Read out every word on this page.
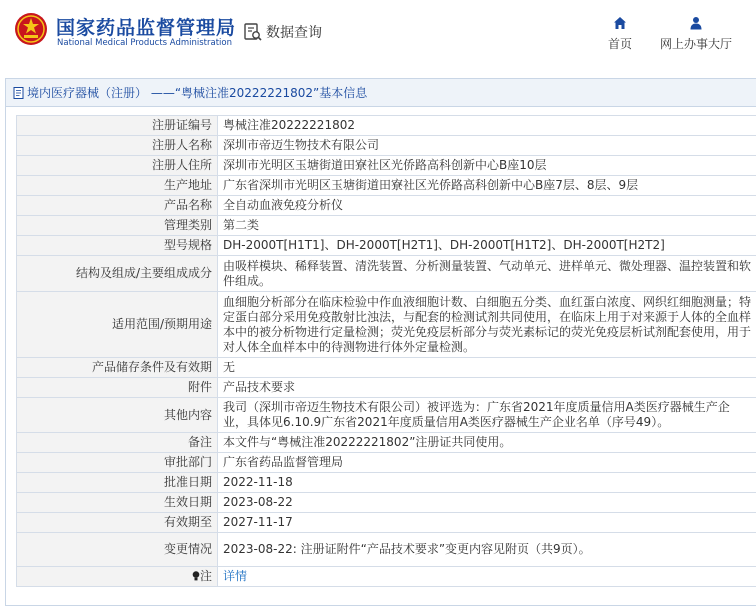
国家药品监督管理局
National Medical Products Administration
数据查询
首页	网上办事大厅
境内医疗器械（注册） ——“粤械注准20222221802”基本信息
注册证编号	粤械注准20222221802
注册人名称	深圳市帝迈生物技术有限公司
注册人住所	深圳市光明区玉塘街道田寮社区光侨路高科创新中心B座10层
生产地址	广东省深圳市光明区玉塘街道田寮社区光侨路高科创新中心B座7层、8层、9层
产品名称	全自动血液免疫分析仪
管理类别	第二类
型号规格	DH-2000T[H1T1]、DH-2000T[H2T1]、DH-2000T[H1T2]、DH-2000T[H2T2]
结构及组成/主要组成成分	由吸样模块、稀释装置、清洗装置、分析测量装置、气动单元、进样单元、微处理器、温控装置和软件组成。
适用范围/预期用途	血细胞分析部分在临床检验中作血液细胞计数、白细胞五分类、血红蛋白浓度、网织红细胞测量；特定蛋白部分采用免疫散射比浊法，与配套的检测试剂共同使用，在临床上用于对来源于人体的全血样本中的被分析物进行定量检测；荧光免疫层析部分与荧光素标记的荧光免疫层析试剂配套使用，用于对人体全血样本中的待测物进行体外定量检测。
产品储存条件及有效期	无
附件	产品技术要求
其他内容	我司（深圳市帝迈生物技术有限公司）被评选为：广东省2021年度质量信用A类医疗器械生产企业，具体见6.10.9广东省2021年度质量信用A类医疗器械生产企业名单（序号49）。
备注	本文件与“粤械注准20222221802”注册证共同使用。
审批部门	广东省药品监督管理局
批准日期	2022-11-18
生效日期	2023-08-22
有效期至	2027-11-17
变更情况	2023-08-22: 注册证附件“产品技术要求”变更内容见附页（共9页）。
注	详情
